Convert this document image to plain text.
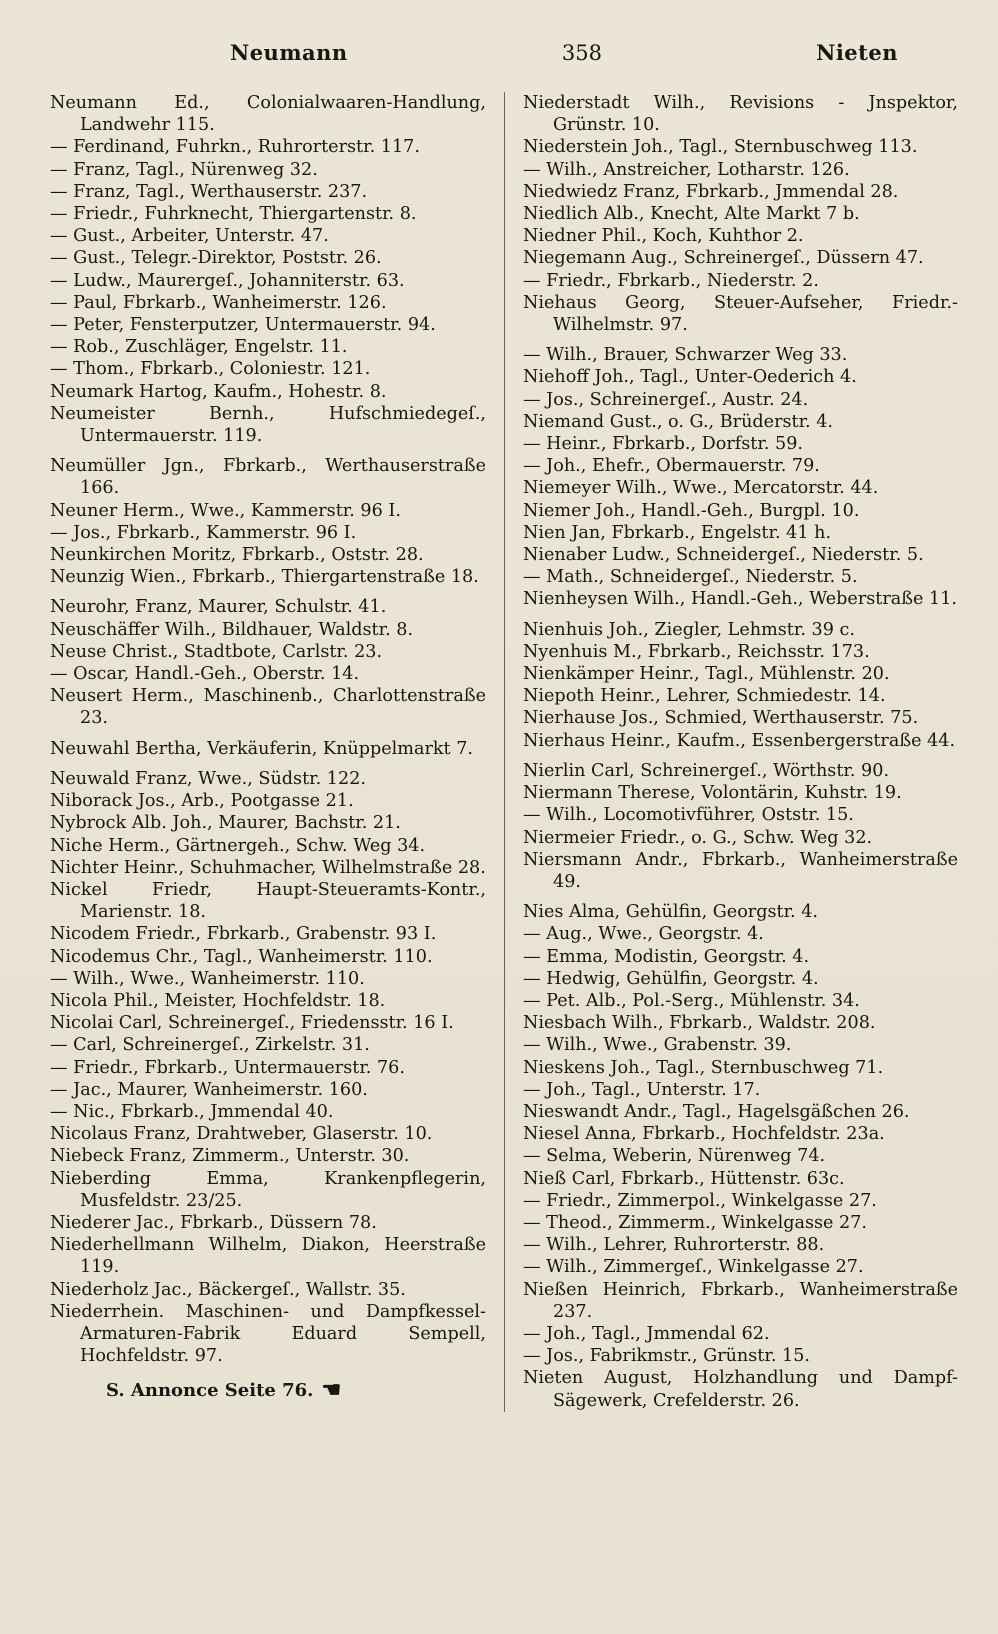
Neumann	358	Nieten

Neumann Ed., Colonialwaaren-Handlung, Landwehr 115.

— Ferdinand, Fuhrkn., Ruhrorterstr. 117.

— Franz, Tagl., Nürenweg 32.

— Franz, Tagl., Werthauserstr. 237.

— Friedr., Fuhrknecht, Thiergartenstr. 8.

— Gust., Arbeiter, Unterstr. 47.

— Gust., Telegr.-Direktor, Poststr. 26.

— Ludw., Maurergeſ., Johanniterstr. 63.

— Paul, Fbrkarb., Wanheimerstr. 126.

— Peter, Fensterputzer, Untermauerstr. 94.

— Rob., Zuschläger, Engelstr. 11.

— Thom., Fbrkarb., Coloniestr. 121.

Neumark Hartog, Kaufm., Hohestr. 8.

Neumeister Bernh., Hufschmiedegeſ., Untermauerstr. 119.

Neumüller Jgn., Fbrkarb., Werthauserstraße 166.

Neuner Herm., Wwe., Kammerstr. 96 I.

— Jos., Fbrkarb., Kammerstr. 96 I.

Neunkirchen Moritz, Fbrkarb., Oststr. 28.

Neunzig Wien., Fbrkarb., Thiergartenstraße 18.

Neurohr, Franz, Maurer, Schulstr. 41.

Neuschäffer Wilh., Bildhauer, Waldstr. 8.

Neuse Christ., Stadtbote, Carlstr. 23.

— Oscar, Handl.-Geh., Oberstr. 14.

Neusert Herm., Maschinenb., Charlottenstraße 23.

Neuwahl Bertha, Verkäuferin, Knüppelmarkt 7.

Neuwald Franz, Wwe., Südstr. 122.

Niborack Jos., Arb., Pootgasse 21.

Nybrock Alb. Joh., Maurer, Bachstr. 21.

Niche Herm., Gärtnergeh., Schw. Weg 34.

Nichter Heinr., Schuhmacher, Wilhelmstraße 28.

Nickel Friedr, Haupt-Steueramts-Kontr., Marienstr. 18.

Nicodem Friedr., Fbrkarb., Grabenstr. 93 I.

Nicodemus Chr., Tagl., Wanheimerstr. 110.

— Wilh., Wwe., Wanheimerstr. 110.

Nicola Phil., Meister, Hochfeldstr. 18.

Nicolai Carl, Schreinergeſ., Friedensstr. 16 I.

— Carl, Schreinergeſ., Zirkelstr. 31.

— Friedr., Fbrkarb., Untermauerstr. 76.

— Jac., Maurer, Wanheimerstr. 160.

— Nic., Fbrkarb., Jmmendal 40.

Nicolaus Franz, Drahtweber, Glaserstr. 10.

Niebeck Franz, Zimmerm., Unterstr. 30.

Nieberding Emma, Krankenpflegerin, Musfeldstr. 23/25.

Niederer Jac., Fbrkarb., Düssern 78.

Niederhellmann Wilhelm, Diakon, Heerstraße 119.

Niederholz Jac., Bäckergeſ., Wallstr. 35.

Niederrhein. Maschinen- und Dampfkessel-Armaturen-Fabrik Eduard Sempell, Hochfeldstr. 97.

S. Annonce Seite 76. ☚

Niederstadt Wilh., Revisions - Jnspektor, Grünstr. 10.

Niederstein Joh., Tagl., Sternbuschweg 113.

— Wilh., Anstreicher, Lotharstr. 126.

Niedwiedz Franz, Fbrkarb., Jmmendal 28.

Niedlich Alb., Knecht, Alte Markt 7 b.

Niedner Phil., Koch, Kuhthor 2.

Niegemann Aug., Schreinergeſ., Düssern 47.

— Friedr., Fbrkarb., Niederstr. 2.

Niehaus Georg, Steuer-Aufseher, Friedr.-Wilhelmstr. 97.

— Wilh., Brauer, Schwarzer Weg 33.

Niehoff Joh., Tagl., Unter-Oederich 4.

— Jos., Schreinergeſ., Austr. 24.

Niemand Gust., o. G., Brüderstr. 4.

— Heinr., Fbrkarb., Dorfstr. 59.

— Joh., Ehefr., Obermauerstr. 79.

Niemeyer Wilh., Wwe., Mercatorstr. 44.

Niemer Joh., Handl.-Geh., Burgpl. 10.

Nien Jan, Fbrkarb., Engelstr. 41 h.

Nienaber Ludw., Schneidergeſ., Niederstr. 5.

— Math., Schneidergeſ., Niederstr. 5.

Nienheysen Wilh., Handl.-Geh., Weberstraße 11.

Nienhuis Joh., Ziegler, Lehmstr. 39 c.

Nyenhuis M., Fbrkarb., Reichsstr. 173.

Nienkämper Heinr., Tagl., Mühlenstr. 20.

Niepoth Heinr., Lehrer, Schmiedestr. 14.

Nierhause Jos., Schmied, Werthauserstr. 75.

Nierhaus Heinr., Kaufm., Essenbergerstraße 44.

Nierlin Carl, Schreinergeſ., Wörthstr. 90.

Niermann Therese, Volontärin, Kuhstr. 19.

— Wilh., Locomotivführer, Oststr. 15.

Niermeier Friedr., o. G., Schw. Weg 32.

Niersmann Andr., Fbrkarb., Wanheimerstraße 49.

Nies Alma, Gehülfin, Georgstr. 4.

— Aug., Wwe., Georgstr. 4.

— Emma, Modistin, Georgstr. 4.

— Hedwig, Gehülfin, Georgstr. 4.

— Pet. Alb., Pol.-Serg., Mühlenstr. 34.

Niesbach Wilh., Fbrkarb., Waldstr. 208.

— Wilh., Wwe., Grabenstr. 39.

Nieskens Joh., Tagl., Sternbuschweg 71.

— Joh., Tagl., Unterstr. 17.

Nieswandt Andr., Tagl., Hagelsgäßchen 26.

Niesel Anna, Fbrkarb., Hochfeldstr. 23a.

— Selma, Weberin, Nürenweg 74.

Nieß Carl, Fbrkarb., Hüttenstr. 63c.

— Friedr., Zimmerpol., Winkelgasse 27.

— Theod., Zimmerm., Winkelgasse 27.

— Wilh., Lehrer, Ruhrorterstr. 88.

— Wilh., Zimmergeſ., Winkelgasse 27.

Nießen Heinrich, Fbrkarb., Wanheimerstraße 237.

— Joh., Tagl., Jmmendal 62.

— Jos., Fabrikmstr., Grünstr. 15.

Nieten August, Holzhandlung und Dampf-Sägewerk, Crefelderstr. 26.
